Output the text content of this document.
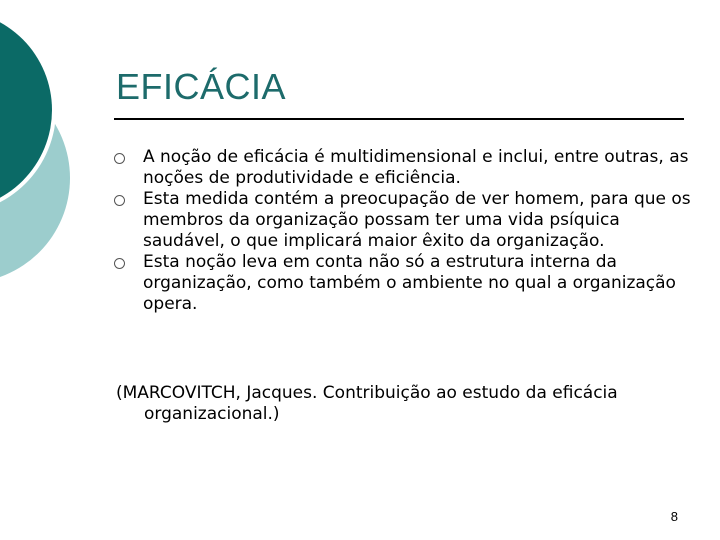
EFICÁCIA
A noção de eficácia é multidimensional e inclui, entre outras, as noções de produtividade e eficiência.
Esta medida contém a preocupação de ver homem, para que os membros da organização possam ter uma vida psíquica saudável, o que implicará maior êxito da organização.
Esta noção leva em conta não só a estrutura interna da organização, como também o ambiente no qual a organização opera.

(MARCOVITCH, Jacques. Contribuição ao estudo da eficácia organizacional.)

8
